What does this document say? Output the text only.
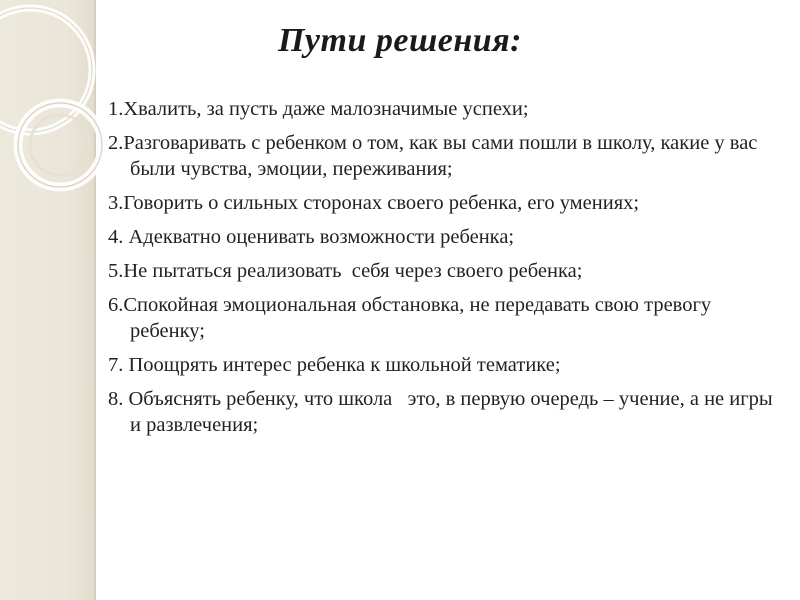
Пути решения:
1.Хвалить, за пусть даже малозначимые успехи;
2.Разговаривать с ребенком о том, как вы сами пошли в школу, какие у вас были чувства, эмоции, переживания;
3.Говорить о сильных сторонах своего ребенка, его умениях;
4. Адекватно оценивать возможности ребенка;
5.Не пытаться реализовать  себя через своего ребенка;
6.Спокойная эмоциональная обстановка, не передавать свою тревогу ребенку;
7. Поощрять интерес ребенка к школьной тематике;
8. Объяснять ребенку, что школа   это, в первую очередь – учение, а не игры и развлечения;
